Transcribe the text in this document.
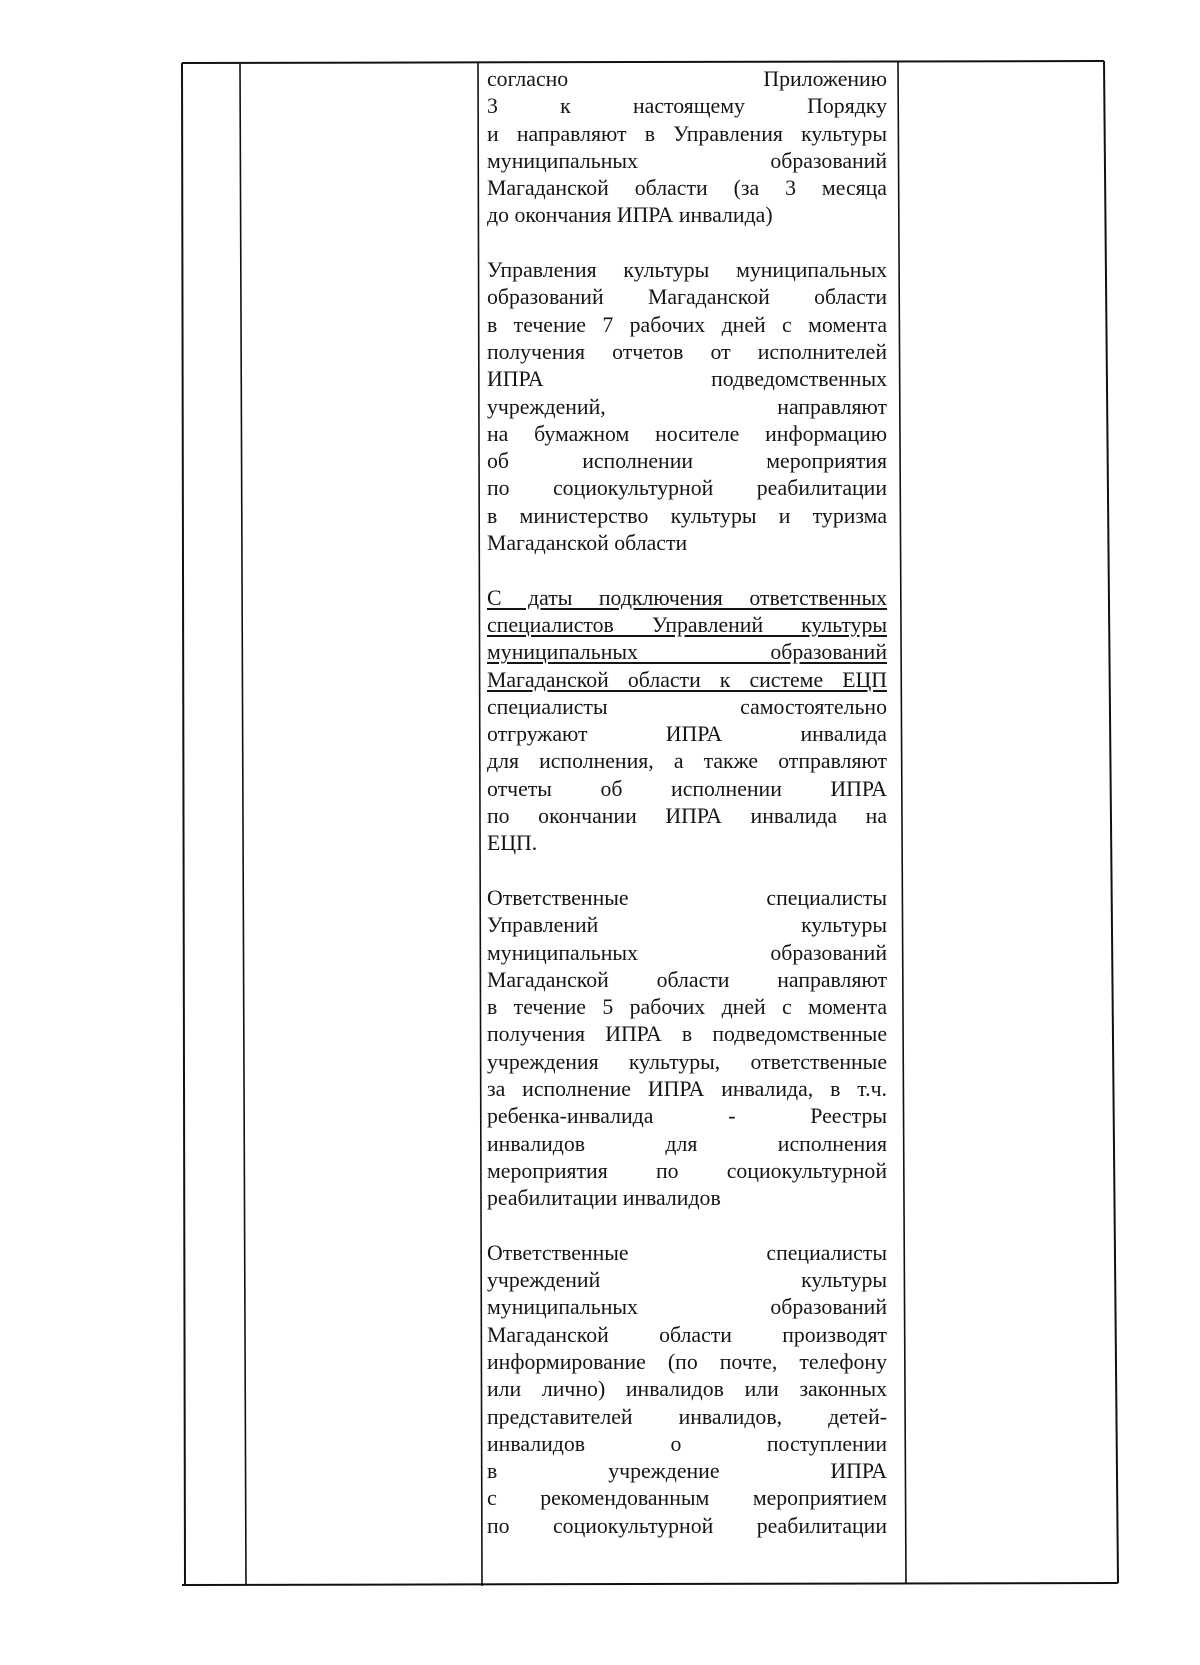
согласно Приложению
3 к настоящему Порядку
и направляют в Управления культуры
муниципальных образований
Магаданской области (за 3 месяца
до окончания ИПРА инвалида)
Управления культуры муниципальных
образований Магаданской области
в течение 7 рабочих дней с момента
получения отчетов от исполнителей
ИПРА подведомственных
учреждений, направляют
на бумажном носителе информацию
об исполнении мероприятия
по социокультурной реабилитации
в министерство культуры и туризма
Магаданской области
С даты подключения ответственных
специалистов Управлений культуры
муниципальных образований
Магаданской области к системе ЕЦП
специалисты самостоятельно
отгружают ИПРА инвалида
для исполнения, а также отправляют
отчеты об исполнении ИПРА
по окончании ИПРА инвалида на
ЕЦП.
Ответственные специалисты
Управлений культуры
муниципальных образований
Магаданской области направляют
в течение 5 рабочих дней с момента
получения ИПРА в подведомственные
учреждения культуры, ответственные
за исполнение ИПРА инвалида, в т.ч.
ребенка-инвалида - Реестры
инвалидов для исполнения
мероприятия по социокультурной
реабилитации инвалидов
Ответственные специалисты
учреждений культуры
муниципальных образований
Магаданской области производят
информирование (по почте, телефону
или лично) инвалидов или законных
представителей инвалидов, детей-
инвалидов о поступлении
в учреждение ИПРА
с рекомендованным мероприятием
по социокультурной реабилитации
